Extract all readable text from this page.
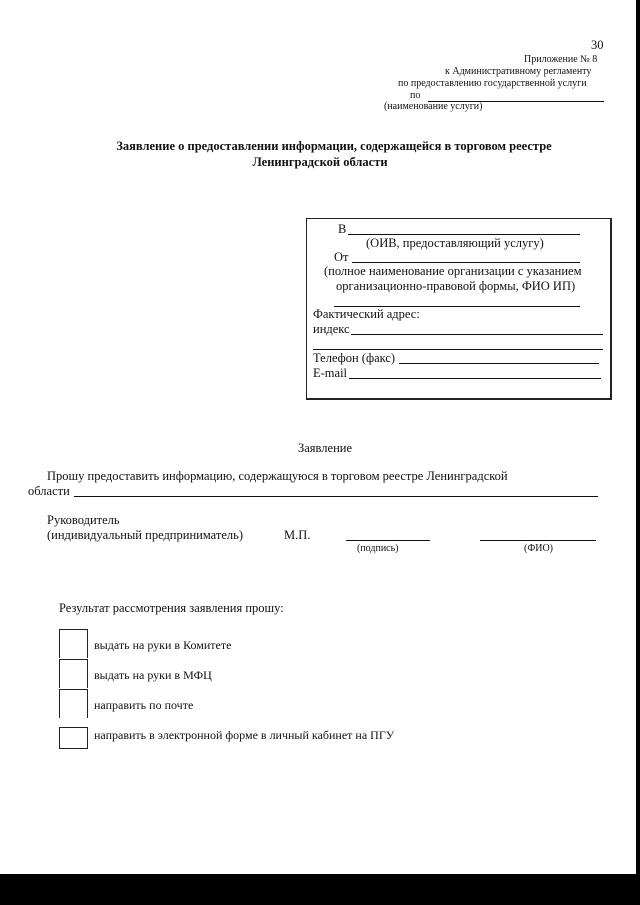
30
Приложение № 8
к Административному регламенту
по предоставлению государственной услуги
по
(наименование услуги)
Заявление о предоставлении информации, содержащейся в торговом реестре
Ленинградской области
В
(ОИВ, предоставляющий услугу)
От
(полное наименование организации с указанием
организационно-правовой формы, ФИО ИП)
Фактический адрес:
индекс
Телефон (факс)
E-mail
Заявление
Прошу предоставить информацию, содержащуюся в торговом реестре Ленинградской
области
Руководитель
(индивидуальный предприниматель)	М.П.
(подпись)	(ФИО)
Результат рассмотрения заявления прошу:
выдать на руки в Комитете
выдать на руки в МФЦ
направить по почте
направить в электронной форме в личный кабинет на ПГУ
